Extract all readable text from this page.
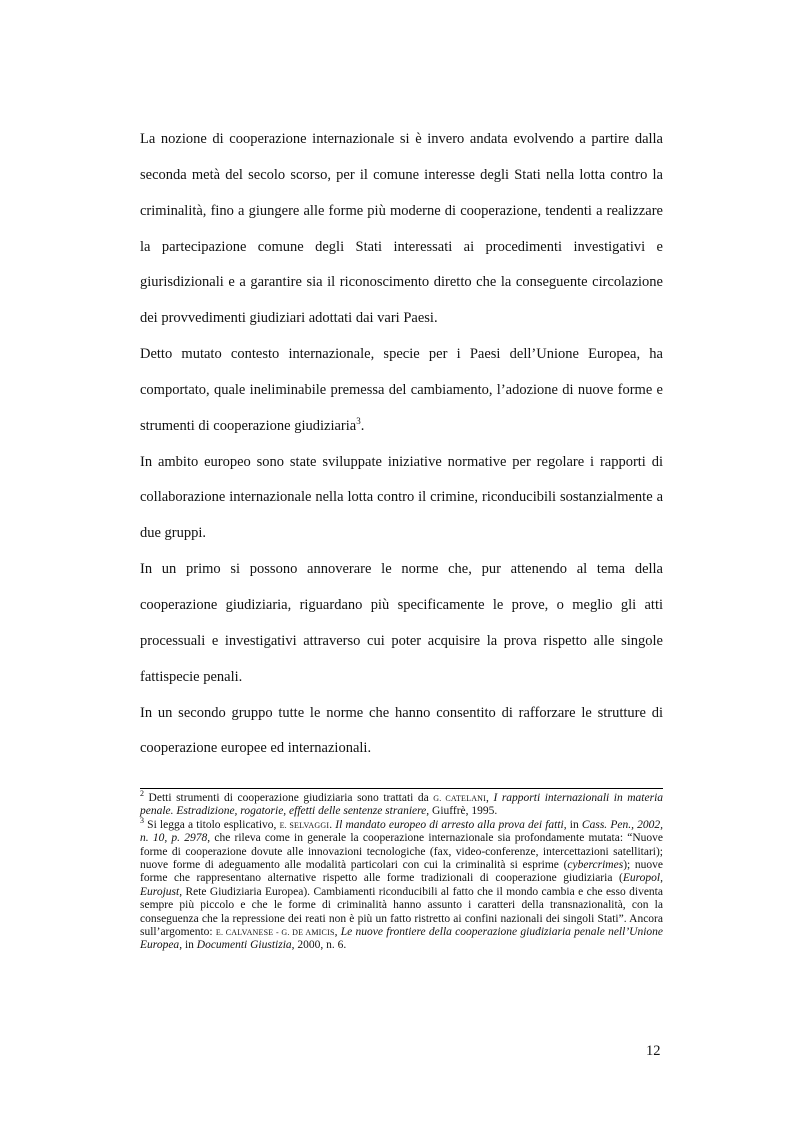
La nozione di cooperazione internazionale si è invero andata evolvendo a partire dalla seconda metà del secolo scorso, per il comune interesse degli Stati nella lotta contro la criminalità, fino a giungere alle forme più moderne di cooperazione, tendenti a realizzare la partecipazione comune degli Stati interessati ai procedimenti investigativi e giurisdizionali e a garantire sia il riconoscimento diretto che la conseguente circolazione dei provvedimenti giudiziari adottati dai vari Paesi.

Detto mutato contesto internazionale, specie per i Paesi dell’Unione Europea, ha comportato, quale ineliminabile premessa del cambiamento, l’adozione di nuove forme e strumenti di cooperazione giudiziaria$^3$.

In ambito europeo sono state sviluppate iniziative normative per regolare i rapporti di collaborazione internazionale nella lotta contro il crimine, riconducibili sostanzialmente a due gruppi.

In un primo si possono annoverare le norme che, pur attenendo al tema della cooperazione giudiziaria, riguardano più specificamente le prove, o meglio gli atti processuali e investigativi attraverso cui poter acquisire la prova rispetto alle singole fattispecie penali.

In un secondo gruppo tutte le norme che hanno consentito di rafforzare le strutture di cooperazione europee ed internazionali.

$^2$ Detti strumenti di cooperazione giudiziaria sono trattati da G. CATELANI, I rapporti internazionali in materia penale. Estradizione, rogatorie, effetti delle sentenze straniere, Giuffrè, 1995.

$^3$ Si legga a titolo esplicativo, E. SELVAGGI. Il mandato europeo di arresto alla prova dei fatti, in Cass. Pen., 2002, n. 10, p. 2978, che rileva come in generale la cooperazione internazionale sia profondamente mutata: “Nuove forme di cooperazione dovute alle innovazioni tecnologiche (fax, video-conferenze, intercettazioni satellitari); nuove forme di adeguamento alle modalità particolari con cui la criminalità si esprime (cybercrimes); nuove forme che rappresentano alternative rispetto alle forme tradizionali di cooperazione giudiziaria (Europol, Eurojust, Rete Giudiziaria Europea). Cambiamenti riconducibili al fatto che il mondo cambia e che esso diventa sempre più piccolo e che le forme di criminalità hanno assunto i caratteri della transnazionalità, con la conseguenza che la repressione dei reati non è più un fatto ristretto ai confini nazionali dei singoli Stati”. Ancora sull’argomento: E. CALVANESE - G. DE AMICIS, Le nuove frontiere della cooperazione giudiziaria penale nell’Unione Europea, in Documenti Giustizia, 2000, n. 6.

12
